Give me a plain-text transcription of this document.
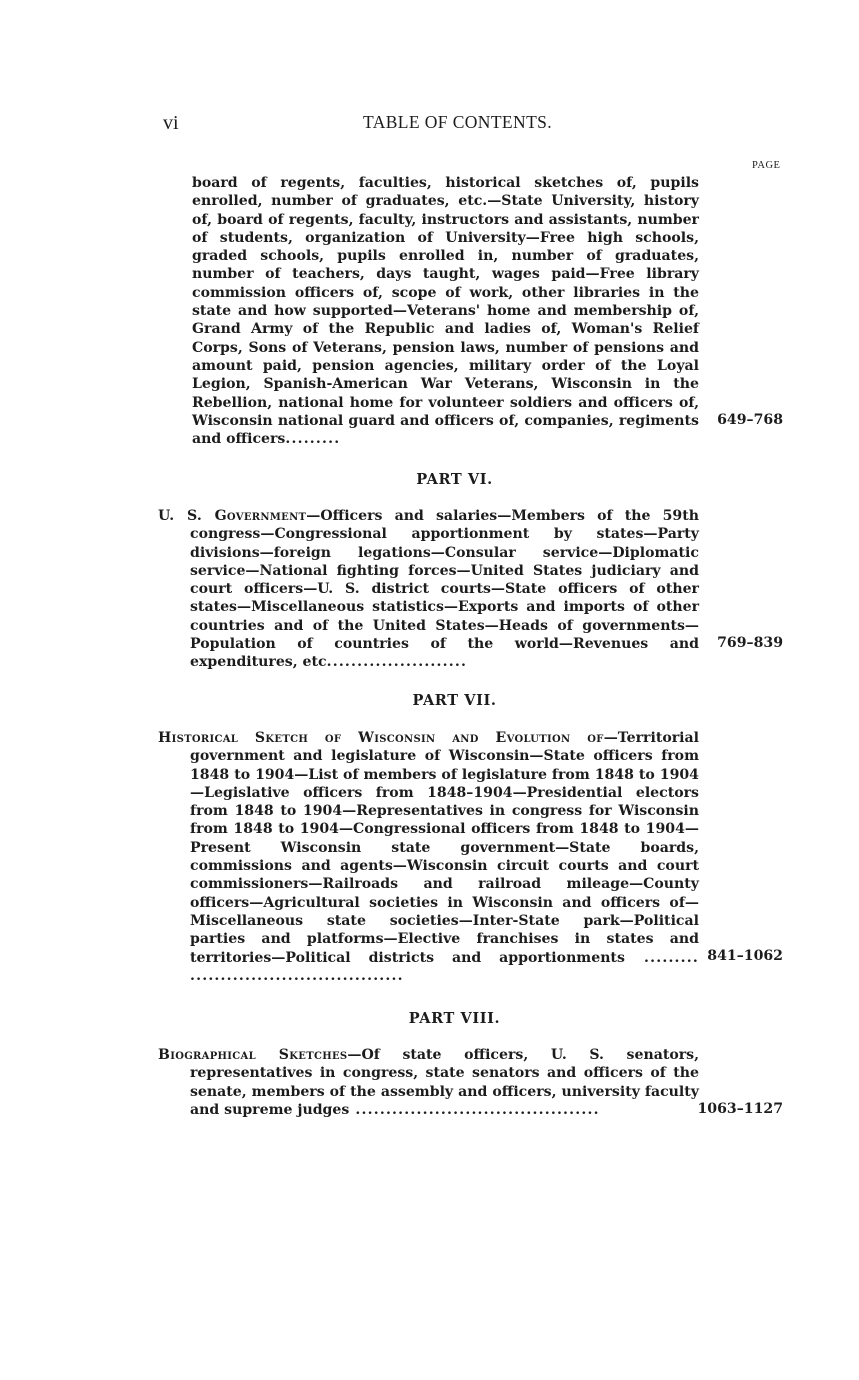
vi	TABLE OF CONTENTS.
PAGE
board of regents, faculties, historical sketches of, pupils enrolled, number of graduates, etc.—State University, history of, board of regents, faculty, instructors and assistants, number of students, organization of University—Free high schools, graded schools, pupils enrolled in, number of graduates, number of teachers, days taught, wages paid—Free library commission officers of, scope of work, other libraries in the state and how supported—Veterans' home and membership of, Grand Army of the Republic and ladies of, Woman's Relief Corps, Sons of Veterans, pension laws, number of pensions and amount paid, pension agencies, military order of the Loyal Legion, Spanish-American War Veterans, Wisconsin in the Rebellion, national home for volunteer soldiers and officers of, Wisconsin national guard and officers of, companies, regiments and officers.........
649–768
PART VI.
U. S. Government—Officers and salaries—Members of the 59th congress—Congressional apportionment by states—Party divisions—foreign legations—Consular service—Diplomatic service—National fighting forces—United States judiciary and court officers—U. S. district courts—State officers of other states—Miscellaneous statistics—Exports and imports of other countries and of the United States—Heads of governments—Population of countries of the world—Revenues and expenditures, etc.......................
769–839
PART VII.
Historical Sketch of Wisconsin and Evolution of—Territorial government and legislature of Wisconsin—State officers from 1848 to 1904—List of members of legislature from 1848 to 1904—Legislative officers from 1848–1904—Presidential electors from 1848 to 1904—Representatives in congress for Wisconsin from 1848 to 1904—Congressional officers from 1848 to 1904—Present Wisconsin state government—State boards, commissions and agents—Wisconsin circuit courts and court commissioners—Railroads and railroad mileage—County officers—Agricultural societies in Wisconsin and officers of—Miscellaneous state societies—Inter-State park—Political parties and platforms—Elective franchises in states and territories—Political districts and apportionments ......... ...................................
841–1062
PART VIII.
Biographical Sketches—Of state officers, U. S. senators, representatives in congress, state senators and officers of the senate, members of the assembly and officers, university faculty and supreme judges ........................................	1063–1127
